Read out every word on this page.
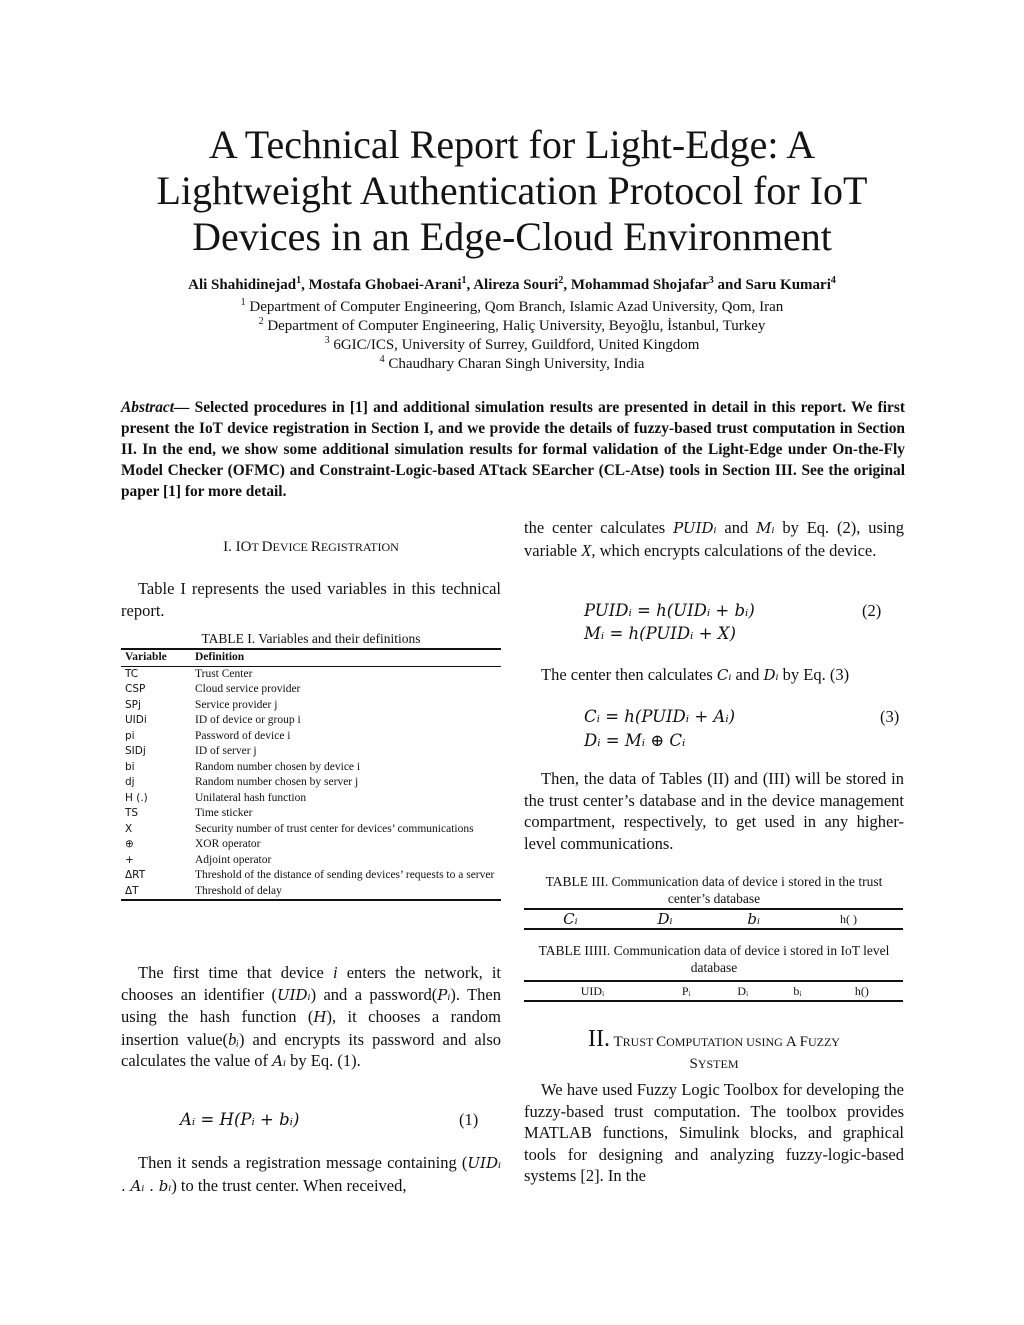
A Technical Report for Light-Edge: A
Lightweight Authentication Protocol for IoT
Devices in an Edge-Cloud Environment
Ali Shahidinejad$^1$, Mostafa Ghobaei-Arani$^1$, Alireza Souri$^2$, Mohammad Shojafar$^3$ and Saru Kumari$^4$
$^1$ Department of Computer Engineering, Qom Branch, Islamic Azad University, Qom, Iran
$^2$ Department of Computer Engineering, Haliç University, Beyoğlu, İstanbul, Turkey
$^3$ 6GIC/ICS, University of Surrey, Guildford, United Kingdom
$^4$ Chaudhary Charan Singh University, India
Abstract— Selected procedures in [1] and additional simulation results are presented in detail in this report. We first present the IoT device registration in Section I, and we provide the details of fuzzy-based trust computation in Section II. In the end, we show some additional simulation results for formal validation of the Light-Edge under On-the-Fly Model Checker (OFMC) and Constraint-Logic-based ATtack SEarcher (CL-Atse) tools in Section III. See the original paper [1] for more detail.
I. IOT DEVICE REGISTRATION
Table I represents the used variables in this technical report.
TABLE I. Variables and their definitions
Variable	Definition
TC	Trust Center
CSP	Cloud service provider
SPj	Service provider j
UIDi	ID of device or group i
pi	Password of device i
SIDj	ID of server j
bi	Random number chosen by device i
dj	Random number chosen by server j
H (.)	Unilateral hash function
TS	Time sticker
X	Security number of trust center for devices’ communications
⊕	XOR operator
+	Adjoint operator
ΔRT	Threshold of the distance of sending devices’ requests to a server
ΔT	Threshold of delay
The first time that device i enters the network, it chooses an identifier (UIDᵢ) and a password(Pᵢ). Then using the hash function (H), it chooses a random insertion value(bᵢ) and encrypts its password and also calculates the value of Aᵢ by Eq. (1).
Aᵢ = H(Pᵢ + bᵢ)	(1)
Then it sends a registration message containing (UIDᵢ . Aᵢ . bᵢ) to the trust center. When received,
the center calculates PUIDᵢ and Mᵢ by Eq. (2), using variable X, which encrypts calculations of the device.
PUIDᵢ = h(UIDᵢ + bᵢ)
Mᵢ = h(PUIDᵢ + X)
(2)
The center then calculates Cᵢ and Dᵢ by Eq. (3)
Cᵢ = h(PUIDᵢ + Aᵢ)
Dᵢ = Mᵢ ⊕ Cᵢ
(3)
Then, the data of Tables (II) and (III) will be stored in the trust center’s database and in the device management compartment, respectively, to get used in any higher-level communications.
TABLE III. Communication data of device i stored in the trust center’s database
Cᵢ	Dᵢ	bᵢ	h( )
TABLE IIIII. Communication data of device i stored in IoT level database
UIDᵢ	Pᵢ	Dᵢ	bᵢ	h()
II. TRUST COMPUTATION USING A FUZZY
SYSTEM
We have used Fuzzy Logic Toolbox for developing the fuzzy-based trust computation. The toolbox provides MATLAB functions, Simulink blocks, and graphical tools for designing and analyzing fuzzy-logic-based systems [2]. In the
